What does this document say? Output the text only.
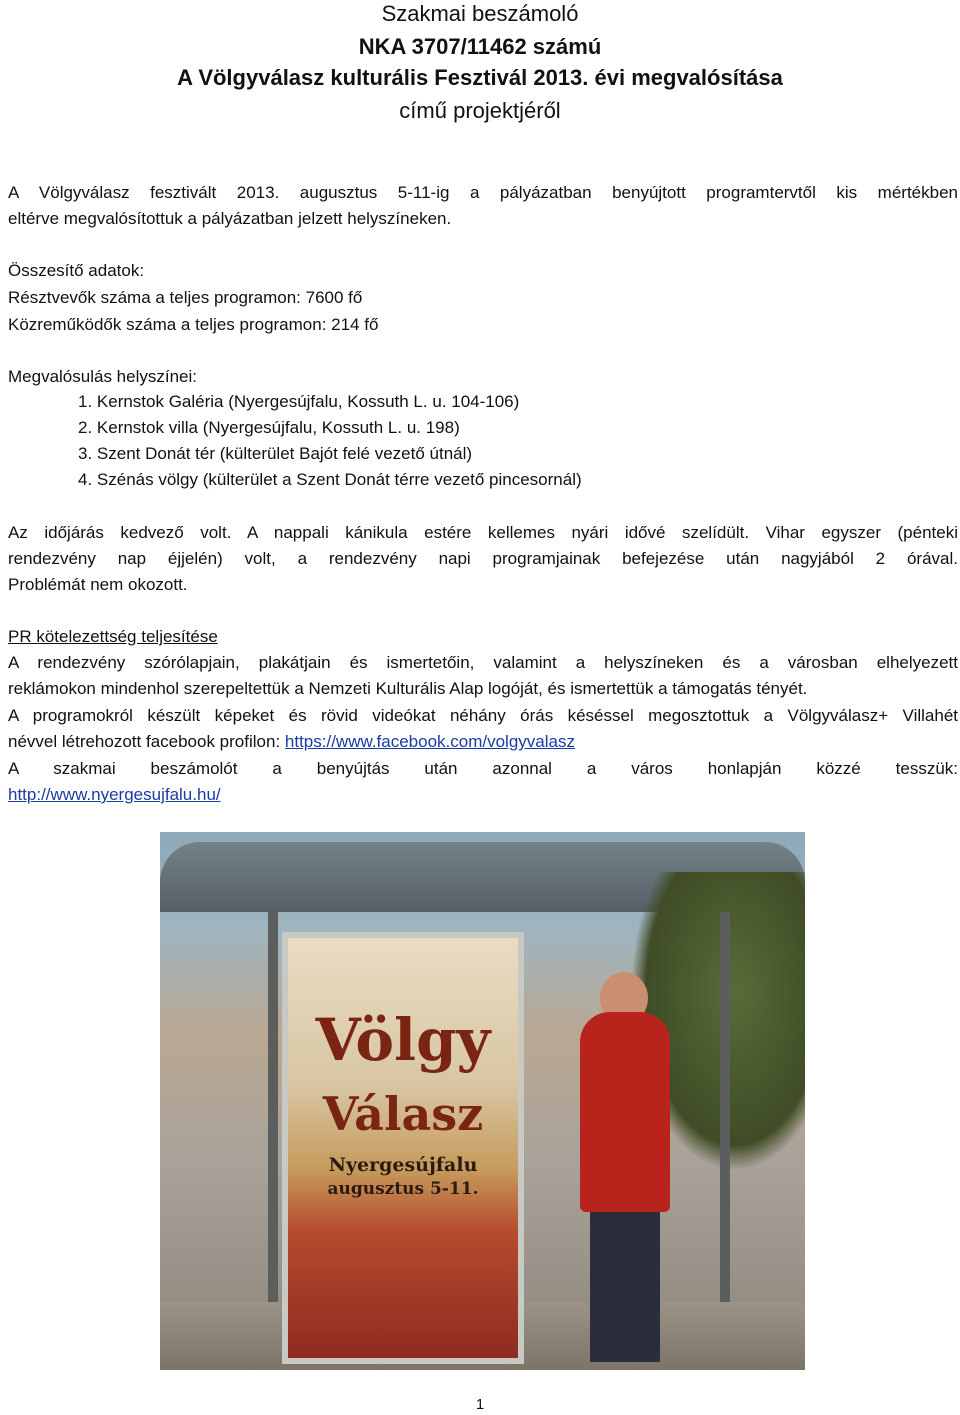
Szakmai beszámoló
NKA 3707/11462 számú
A Völgyválasz kulturális Fesztivál 2013. évi megvalósítása
című projektjéről
A Völgyválasz fesztivált 2013. augusztus 5-11-ig a pályázatban benyújtott programtervtől kis mértékben
eltérve megvalósítottuk a pályázatban jelzett helyszíneken.
Összesítő adatok:
Résztvevők száma a teljes programon: 7600 fő
Közreműködők száma a teljes programon: 214 fő
Megvalósulás helyszínei:
1. Kernstok Galéria (Nyergesújfalu, Kossuth L. u. 104-106)
2. Kernstok villa (Nyergesújfalu, Kossuth L. u. 198)
3. Szent Donát tér (külterület Bajót felé vezető útnál)
4. Szénás völgy (külterület a Szent Donát térre vezető pincesornál)
Az időjárás kedvező volt. A nappali kánikula estére kellemes nyári idővé szelídült. Vihar egyszer (pénteki
rendezvény nap éjjelén) volt, a rendezvény napi programjainak befejezése után nagyjából 2 órával.
Problémát nem okozott.
PR kötelezettség teljesítése
A rendezvény szórólapjain, plakátjain és ismertetőin, valamint a helyszíneken és a városban elhelyezett
reklámokon mindenhol szerepeltettük a Nemzeti Kulturális Alap logóját, és ismertettük a támogatás tényét.
A programokról készült képeket és rövid videókat néhány órás késéssel megosztottuk a Völgyválasz+ Villahét
névvel létrehozott facebook profilon: https://www.facebook.com/volgyvalasz
A szakmai beszámolót a benyújtás után azonnal a város honlapján közzé tesszük:
http://www.nyergesujfalu.hu/
Völgy
Válasz
Nyergesújfalu
augusztus 5-11.
1
